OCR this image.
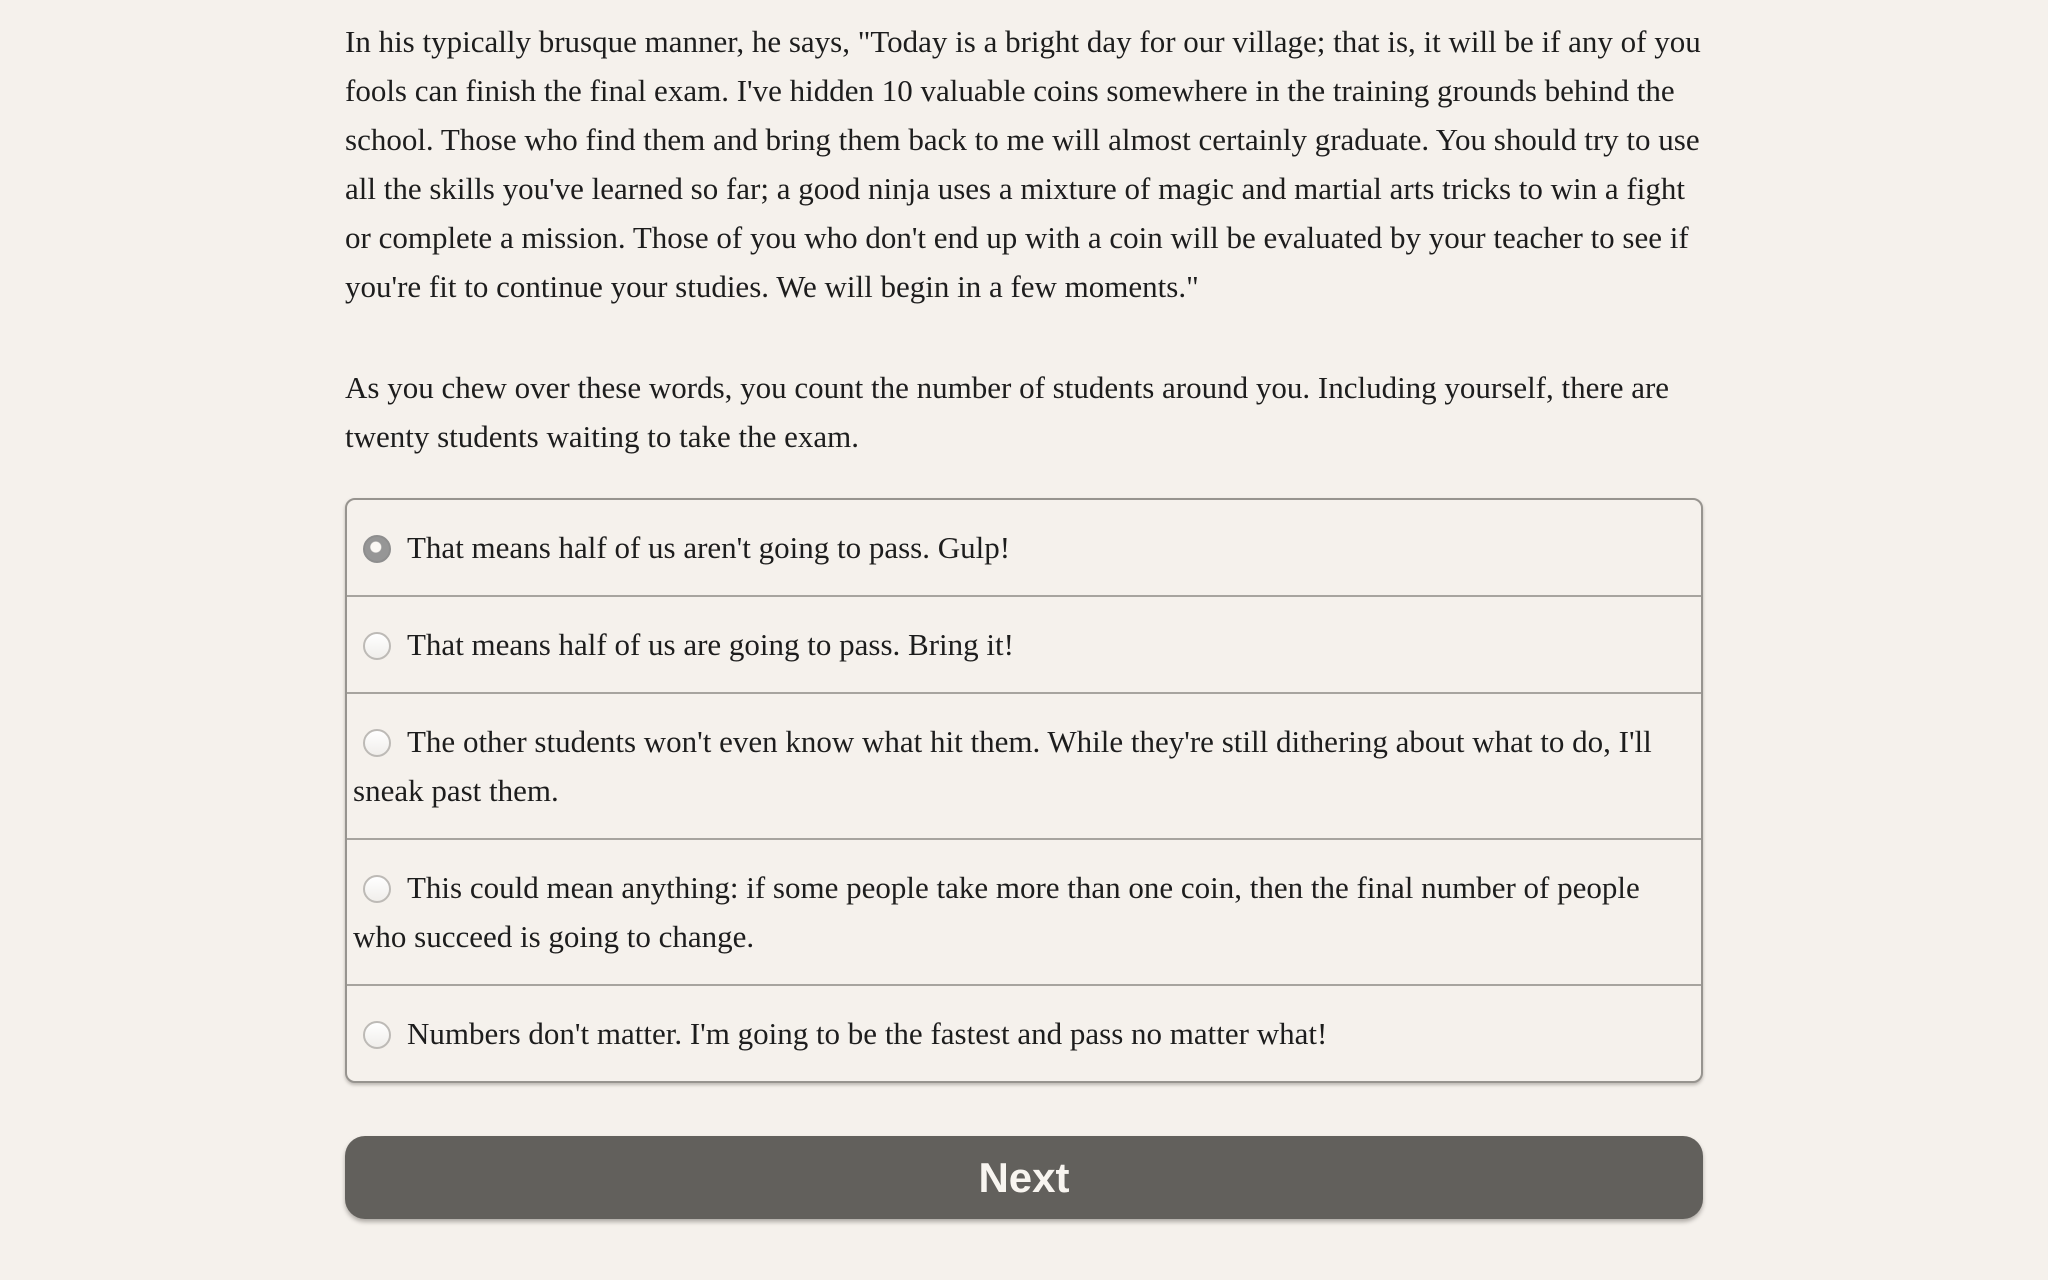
In his typically brusque manner, he says, "Today is a bright day for our village; that is, it will be if any of you fools can finish the final exam. I've hidden 10 valuable coins somewhere in the training grounds behind the school. Those who find them and bring them back to me will almost certainly graduate. You should try to use all the skills you've learned so far; a good ninja uses a mixture of magic and martial arts tricks to win a fight or complete a mission. Those of you who don't end up with a coin will be evaluated by your teacher to see if you're fit to continue your studies. We will begin in a few moments."

As you chew over these words, you count the number of students around you. Including yourself, there are twenty students waiting to take the exam.

That means half of us aren't going to pass. Gulp!
That means half of us are going to pass. Bring it!
The other students won't even know what hit them. While they're still dithering about what to do, I'll sneak past them.
This could mean anything: if some people take more than one coin, then the final number of people who succeed is going to change.
Numbers don't matter. I'm going to be the fastest and pass no matter what!
Next
